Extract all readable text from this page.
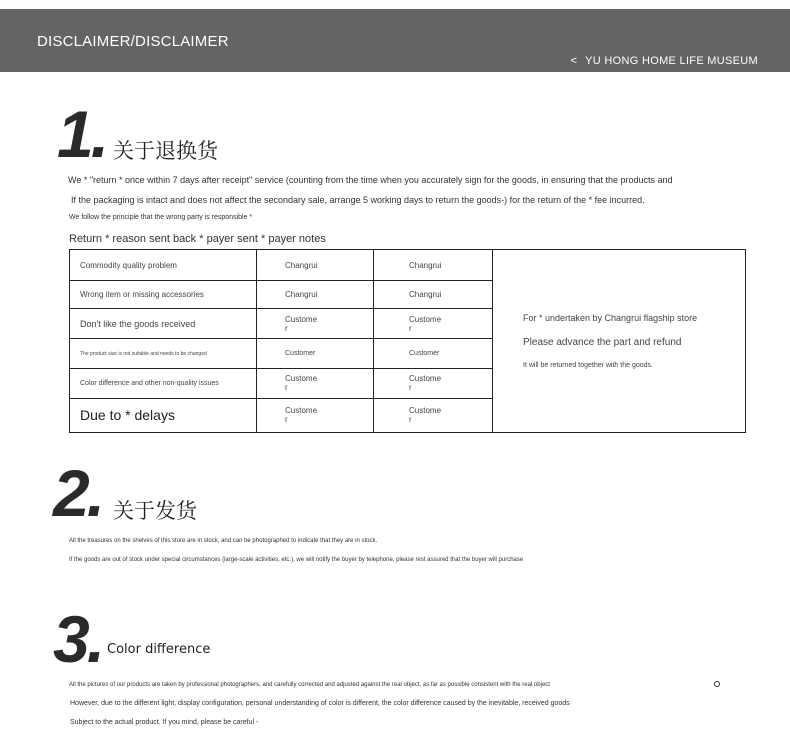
DISCLAIMER/DISCLAIMER
< YU HONG HOME LIFE MUSEUM
1. 关于退换货
We * "return * once within 7 days after receipt" service (counting from the time when you accurately sign for the goods, in ensuring that the products and
If the packaging is intact and does not affect the secondary sale, arrange 5 working days to return the goods-) for the return of the * fee incurred.
We follow the principle that the wrong party is responsible *
Return * reason sent back * payer sent * payer notes
Commodity quality problem	Changrui	Changrui	For * undertaken by Changrui flagship store
Please advance the part and refund
It will be returned together with the goods.

Wrong item or missing accessories	Changrui	Changrui	
Don't like the goods received	Customer	Customer	
The product size is not suitable and needs to be changed	Customer	Customer	
Color difference and other non-quality issues	Customer	Customer	
Due to * delays	Customer	Customer	
2. 关于发货
All the treasures on the shelves of this store are in stock, and can be photographed to indicate that they are in stock.
If the goods are out of stock under special circumstances (large-scale activities, etc.), we will notify the buyer by telephone, please rest assured that the buyer will purchase
3. Color difference
All the pictures of our products are taken by professional photographers, and carefully corrected and adjusted against the real object, as far as possible consistent with the real object
However, due to the different light, display configuration, personal understanding of color is different, the color difference caused by the inevitable, received goods
Subject to the actual product. If you mind, please be careful -
